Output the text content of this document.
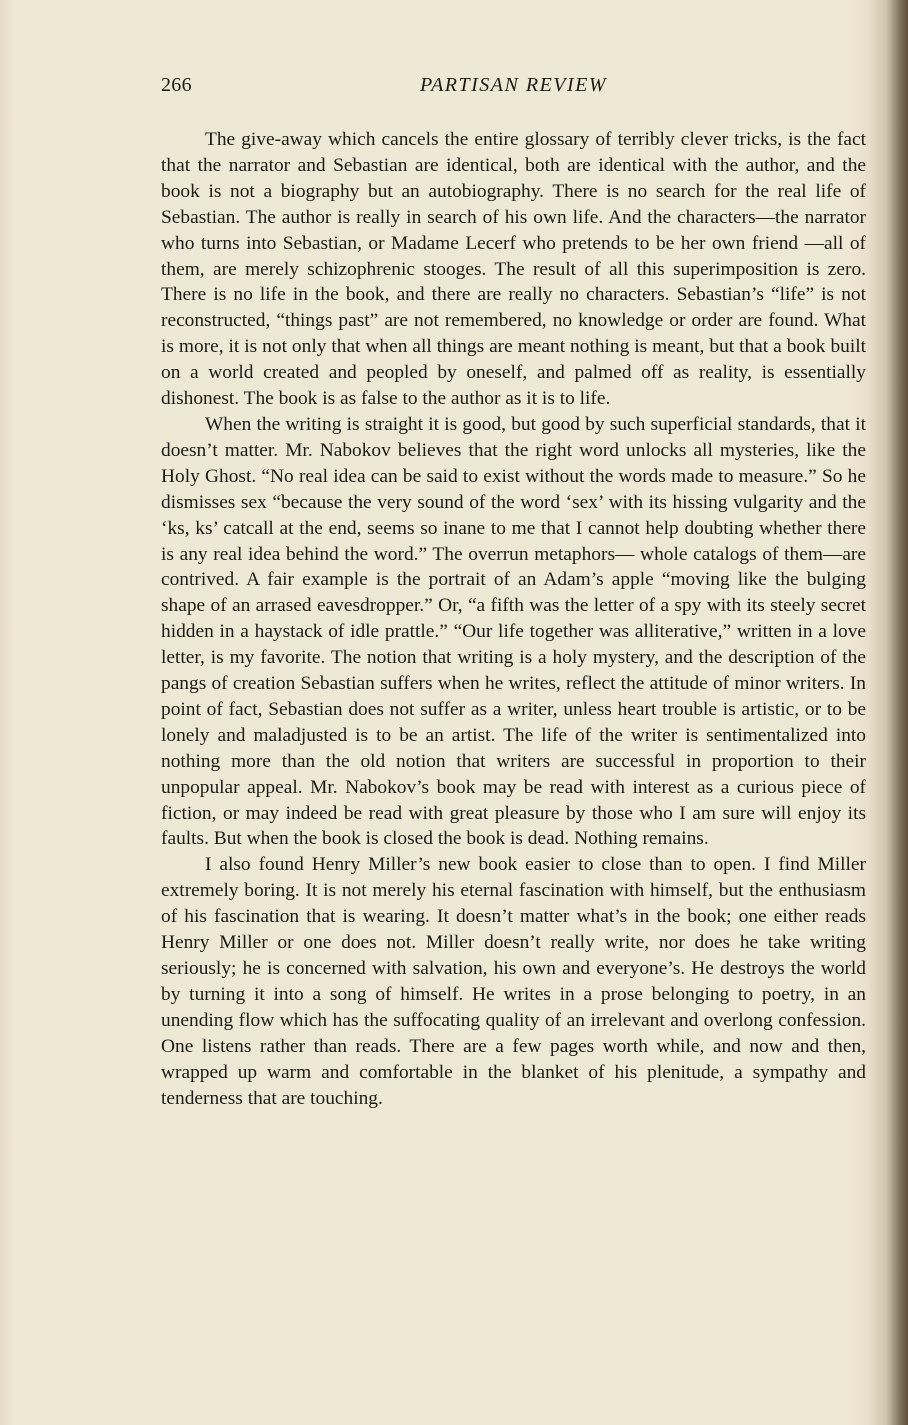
266	PARTISAN REVIEW

The give-away which cancels the entire glossary of terribly clever tricks, is the fact that the narrator and Sebastian are identical, both are identical with the author, and the book is not a biography but an autobiography. There is no search for the real life of Sebastian. The author is really in search of his own life. And the characters—the narrator who turns into Sebastian, or Madame Lecerf who pretends to be her own friend —all of them, are merely schizophrenic stooges. The result of all this superimposition is zero. There is no life in the book, and there are really no characters. Sebastian’s “life” is not reconstructed, “things past” are not remembered, no knowledge or order are found. What is more, it is not only that when all things are meant nothing is meant, but that a book built on a world created and peopled by oneself, and palmed off as reality, is essentially dishonest. The book is as false to the author as it is to life.

When the writing is straight it is good, but good by such superficial standards, that it doesn’t matter. Mr. Nabokov believes that the right word unlocks all mysteries, like the Holy Ghost. “No real idea can be said to exist without the words made to measure.” So he dismisses sex “because the very sound of the word ‘sex’ with its hissing vulgarity and the ‘ks, ks’ catcall at the end, seems so inane to me that I cannot help doubting whether there is any real idea behind the word.” The overrun metaphors— whole catalogs of them—are contrived. A fair example is the portrait of an Adam’s apple “moving like the bulging shape of an arrased eavesdropper.” Or, “a fifth was the letter of a spy with its steely secret hidden in a haystack of idle prattle.” “Our life together was alliterative,” written in a love letter, is my favorite. The notion that writing is a holy mystery, and the description of the pangs of creation Sebastian suffers when he writes, reflect the attitude of minor writers. In point of fact, Sebastian does not suffer as a writer, unless heart trouble is artistic, or to be lonely and maladjusted is to be an artist. The life of the writer is sentimentalized into nothing more than the old notion that writers are successful in proportion to their unpopular appeal. Mr. Nabokov’s book may be read with interest as a curious piece of fiction, or may indeed be read with great pleasure by those who I am sure will enjoy its faults. But when the book is closed the book is dead. Nothing remains.

I also found Henry Miller’s new book easier to close than to open. I find Miller extremely boring. It is not merely his eternal fascination with himself, but the enthusiasm of his fascination that is wearing. It doesn’t matter what’s in the book; one either reads Henry Miller or one does not. Miller doesn’t really write, nor does he take writing seriously; he is concerned with salvation, his own and everyone’s. He destroys the world by turning it into a song of himself. He writes in a prose belonging to poetry, in an unending flow which has the suffocating quality of an irrelevant and overlong confession. One listens rather than reads. There are a few pages worth while, and now and then, wrapped up warm and comfortable in the blanket of his plenitude, a sympathy and tenderness that are touching.
